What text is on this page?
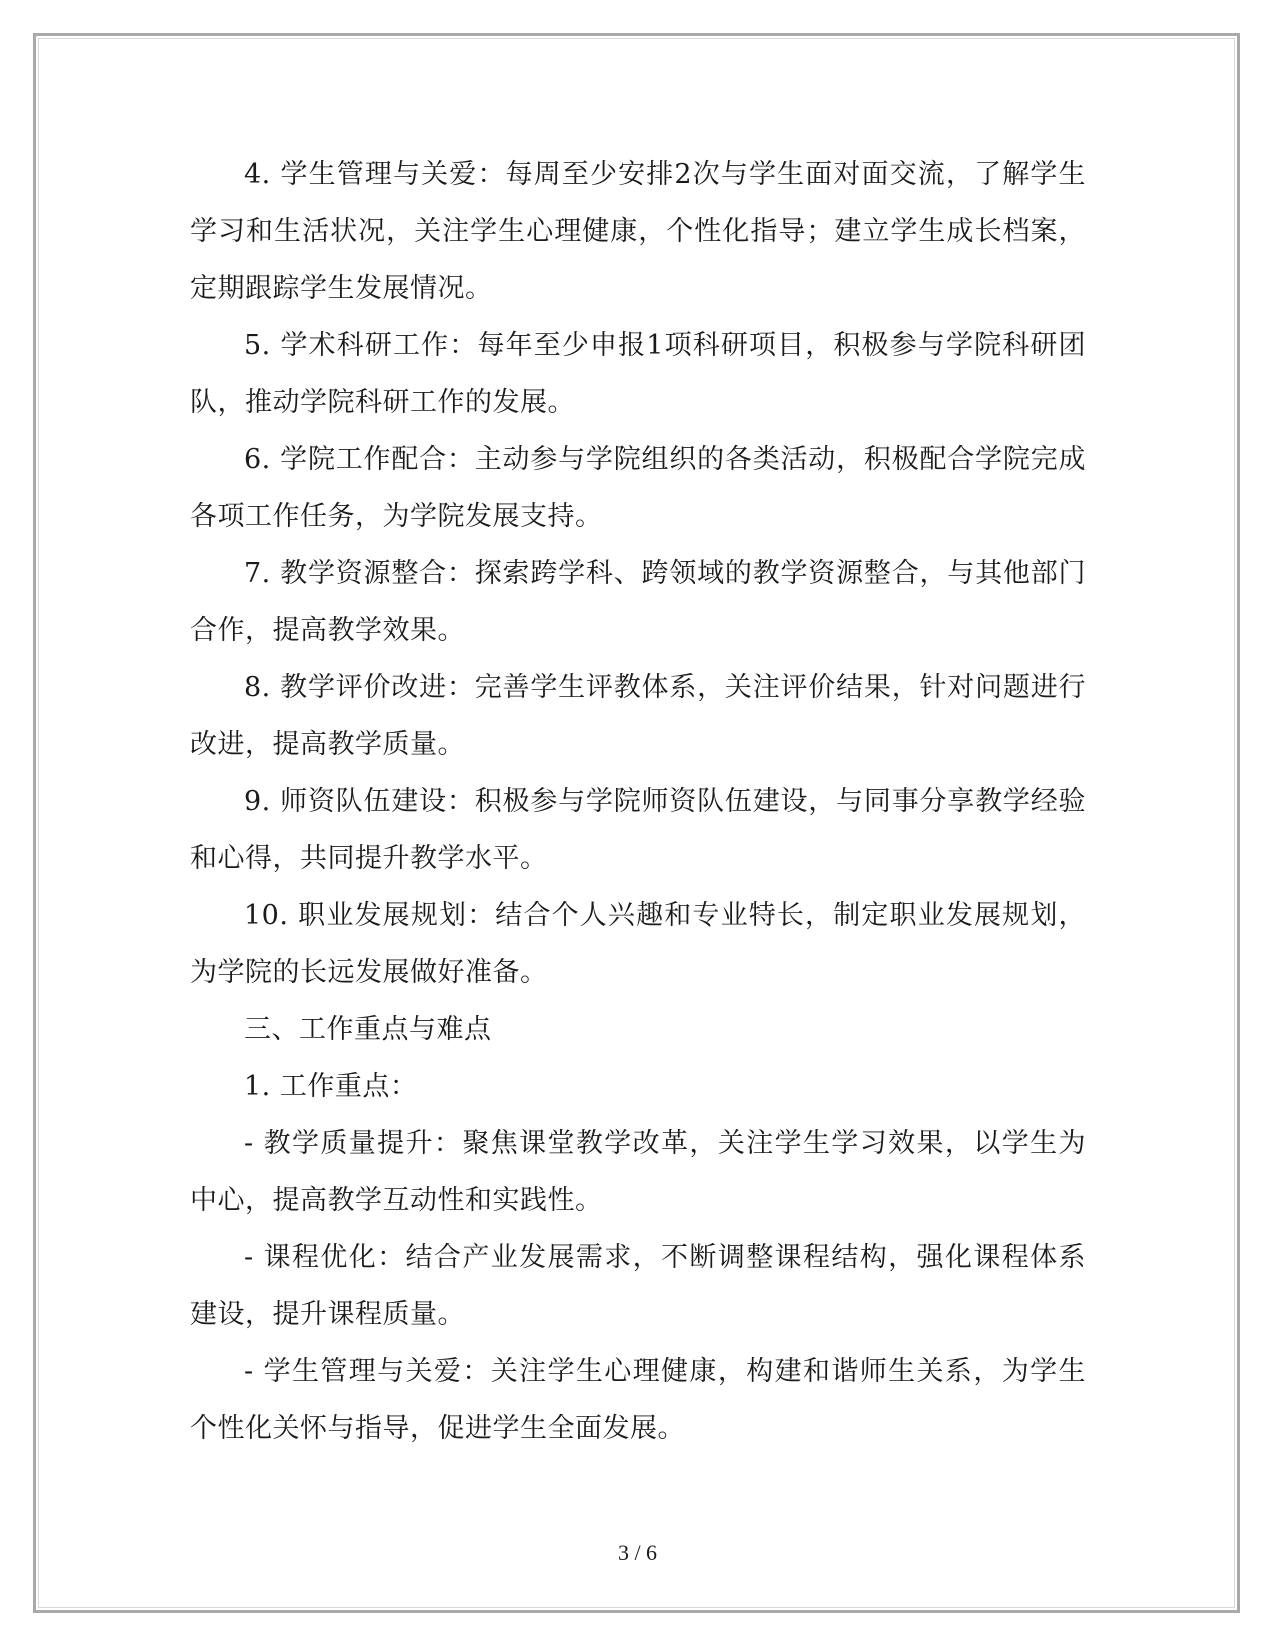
4. 学生管理与关爱：每周至少安排2次与学生面对面交流，了解学生学习和生活状况，关注学生心理健康，个性化指导；建立学生成长档案，定期跟踪学生发展情况。

5. 学术科研工作：每年至少申报1项科研项目，积极参与学院科研团队，推动学院科研工作的发展。

6. 学院工作配合：主动参与学院组织的各类活动，积极配合学院完成各项工作任务，为学院发展支持。

7. 教学资源整合：探索跨学科、跨领域的教学资源整合，与其他部门合作，提高教学效果。

8. 教学评价改进：完善学生评教体系，关注评价结果，针对问题进行改进，提高教学质量。

9. 师资队伍建设：积极参与学院师资队伍建设，与同事分享教学经验和心得，共同提升教学水平。

10. 职业发展规划：结合个人兴趣和专业特长，制定职业发展规划，为学院的长远发展做好准备。

三、工作重点与难点

1. 工作重点：

- 教学质量提升：聚焦课堂教学改革，关注学生学习效果，以学生为中心，提高教学互动性和实践性。

- 课程优化：结合产业发展需求，不断调整课程结构，强化课程体系建设，提升课程质量。

- 学生管理与关爱：关注学生心理健康，构建和谐师生关系，为学生个性化关怀与指导，促进学生全面发展。

3 / 6
